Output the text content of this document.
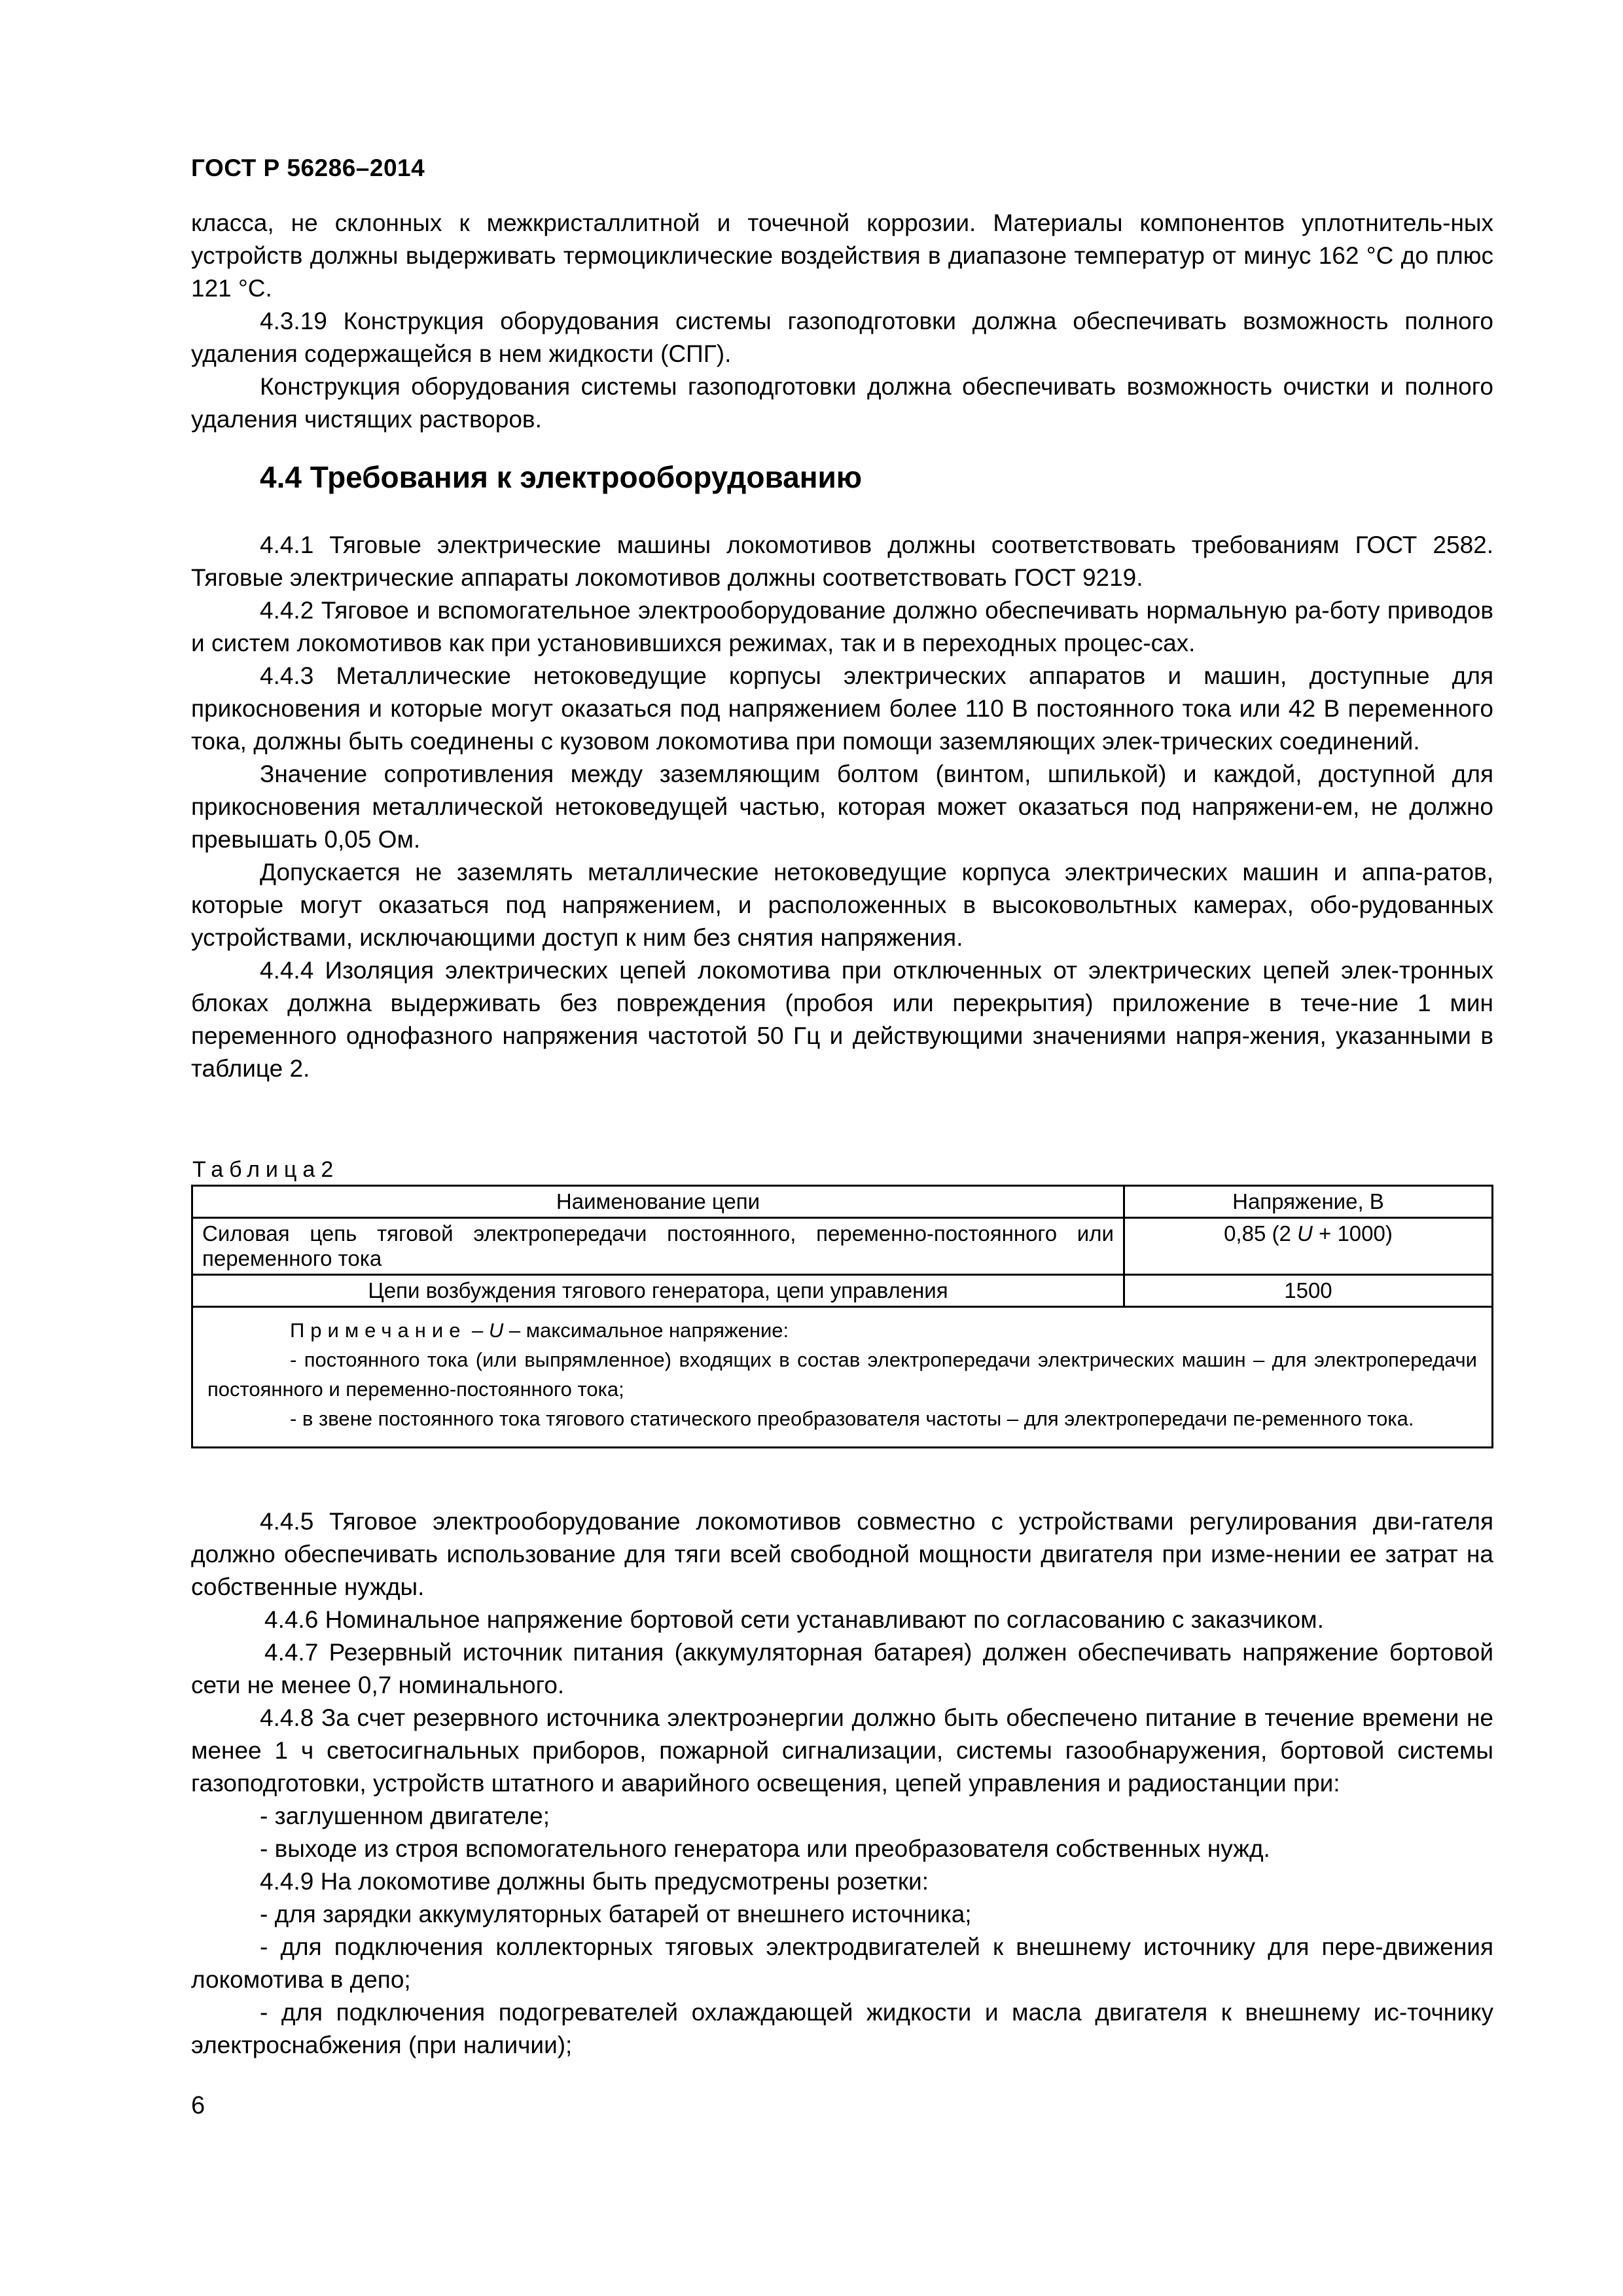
ГОСТ Р 56286–2014

класса, не склонных к межкристаллитной и точечной коррозии. Материалы компонентов уплотнитель-ных устройств должны выдерживать термоциклические воздействия в диапазоне температур от минус 162 °С до плюс 121 °С.

4.3.19 Конструкция оборудования системы газоподготовки должна обеспечивать возможность полного удаления содержащейся в нем жидкости (СПГ).

Конструкция оборудования системы газоподготовки должна обеспечивать возможность очистки и полного удаления чистящих растворов.

4.4 Требования к электрооборудованию

4.4.1 Тяговые электрические машины локомотивов должны соответствовать требованиям ГОСТ 2582. Тяговые электрические аппараты локомотивов должны соответствовать ГОСТ 9219.

4.4.2 Тяговое и вспомогательное электрооборудование должно обеспечивать нормальную ра-боту приводов и систем локомотивов как при установившихся режимах, так и в переходных процес-сах.

4.4.3 Металлические нетоковедущие корпусы электрических аппаратов и машин, доступные для прикосновения и которые могут оказаться под напряжением более 110 В постоянного тока или 42 В переменного тока, должны быть соединены с кузовом локомотива при помощи заземляющих элек-трических соединений.

Значение сопротивления между заземляющим болтом (винтом, шпилькой) и каждой, доступной для прикосновения металлической нетоковедущей частью, которая может оказаться под напряжени-ем, не должно превышать 0,05 Ом.

Допускается не заземлять металлические нетоковедущие корпуса электрических машин и аппа-ратов, которые могут оказаться под напряжением, и расположенных в высоковольтных камерах, обо-рудованных устройствами, исключающими доступ к ним без снятия напряжения.

4.4.4 Изоляция электрических цепей локомотива при отключенных от электрических цепей элек-тронных блоках должна выдерживать без повреждения (пробоя или перекрытия) приложение в тече-ние 1 мин переменного однофазного напряжения частотой 50 Гц и действующими значениями напря-жения, указанными в таблице 2.

Таблица2
Наименование цепи	Напряжение, В
Силовая цепь тяговой электропередачи постоянного, переменно-постоянного или переменного тока	0,85 (2 U + 1000)
Цепи возбуждения тягового генератора, цепи управления	1500

Примечание – U – максимальное напряжение:

- постоянного тока (или выпрямленное) входящих в состав электропередачи электрических машин – для электропередачи постоянного и переменно-постоянного тока;

- в звене постоянного тока тягового статического преобразователя частоты – для электропередачи пе-ременного тока.	

4.4.5 Тяговое электрооборудование локомотивов совместно с устройствами регулирования дви-гателя должно обеспечивать использование для тяги всей свободной мощности двигателя при изме-нении ее затрат на собственные нужды.

4.4.6 Номинальное напряжение бортовой сети устанавливают по согласованию с заказчиком.

4.4.7 Резервный источник питания (аккумуляторная батарея) должен обеспечивать напряжение бортовой сети не менее 0,7 номинального.

4.4.8 За счет резервного источника электроэнергии должно быть обеспечено питание в течение времени не менее 1 ч светосигнальных приборов, пожарной сигнализации, системы газообнаружения, бортовой системы газоподготовки, устройств штатного и аварийного освещения, цепей управления и радиостанции при:

- заглушенном двигателе;

- выходе из строя вспомогательного генератора или преобразователя собственных нужд.

4.4.9 На локомотиве должны быть предусмотрены розетки:

- для зарядки аккумуляторных батарей от внешнего источника;

- для подключения коллекторных тяговых электродвигателей к внешнему источнику для пере-движения локомотива в депо;

- для подключения подогревателей охлаждающей жидкости и масла двигателя к внешнему ис-точнику электроснабжения (при наличии);

6
